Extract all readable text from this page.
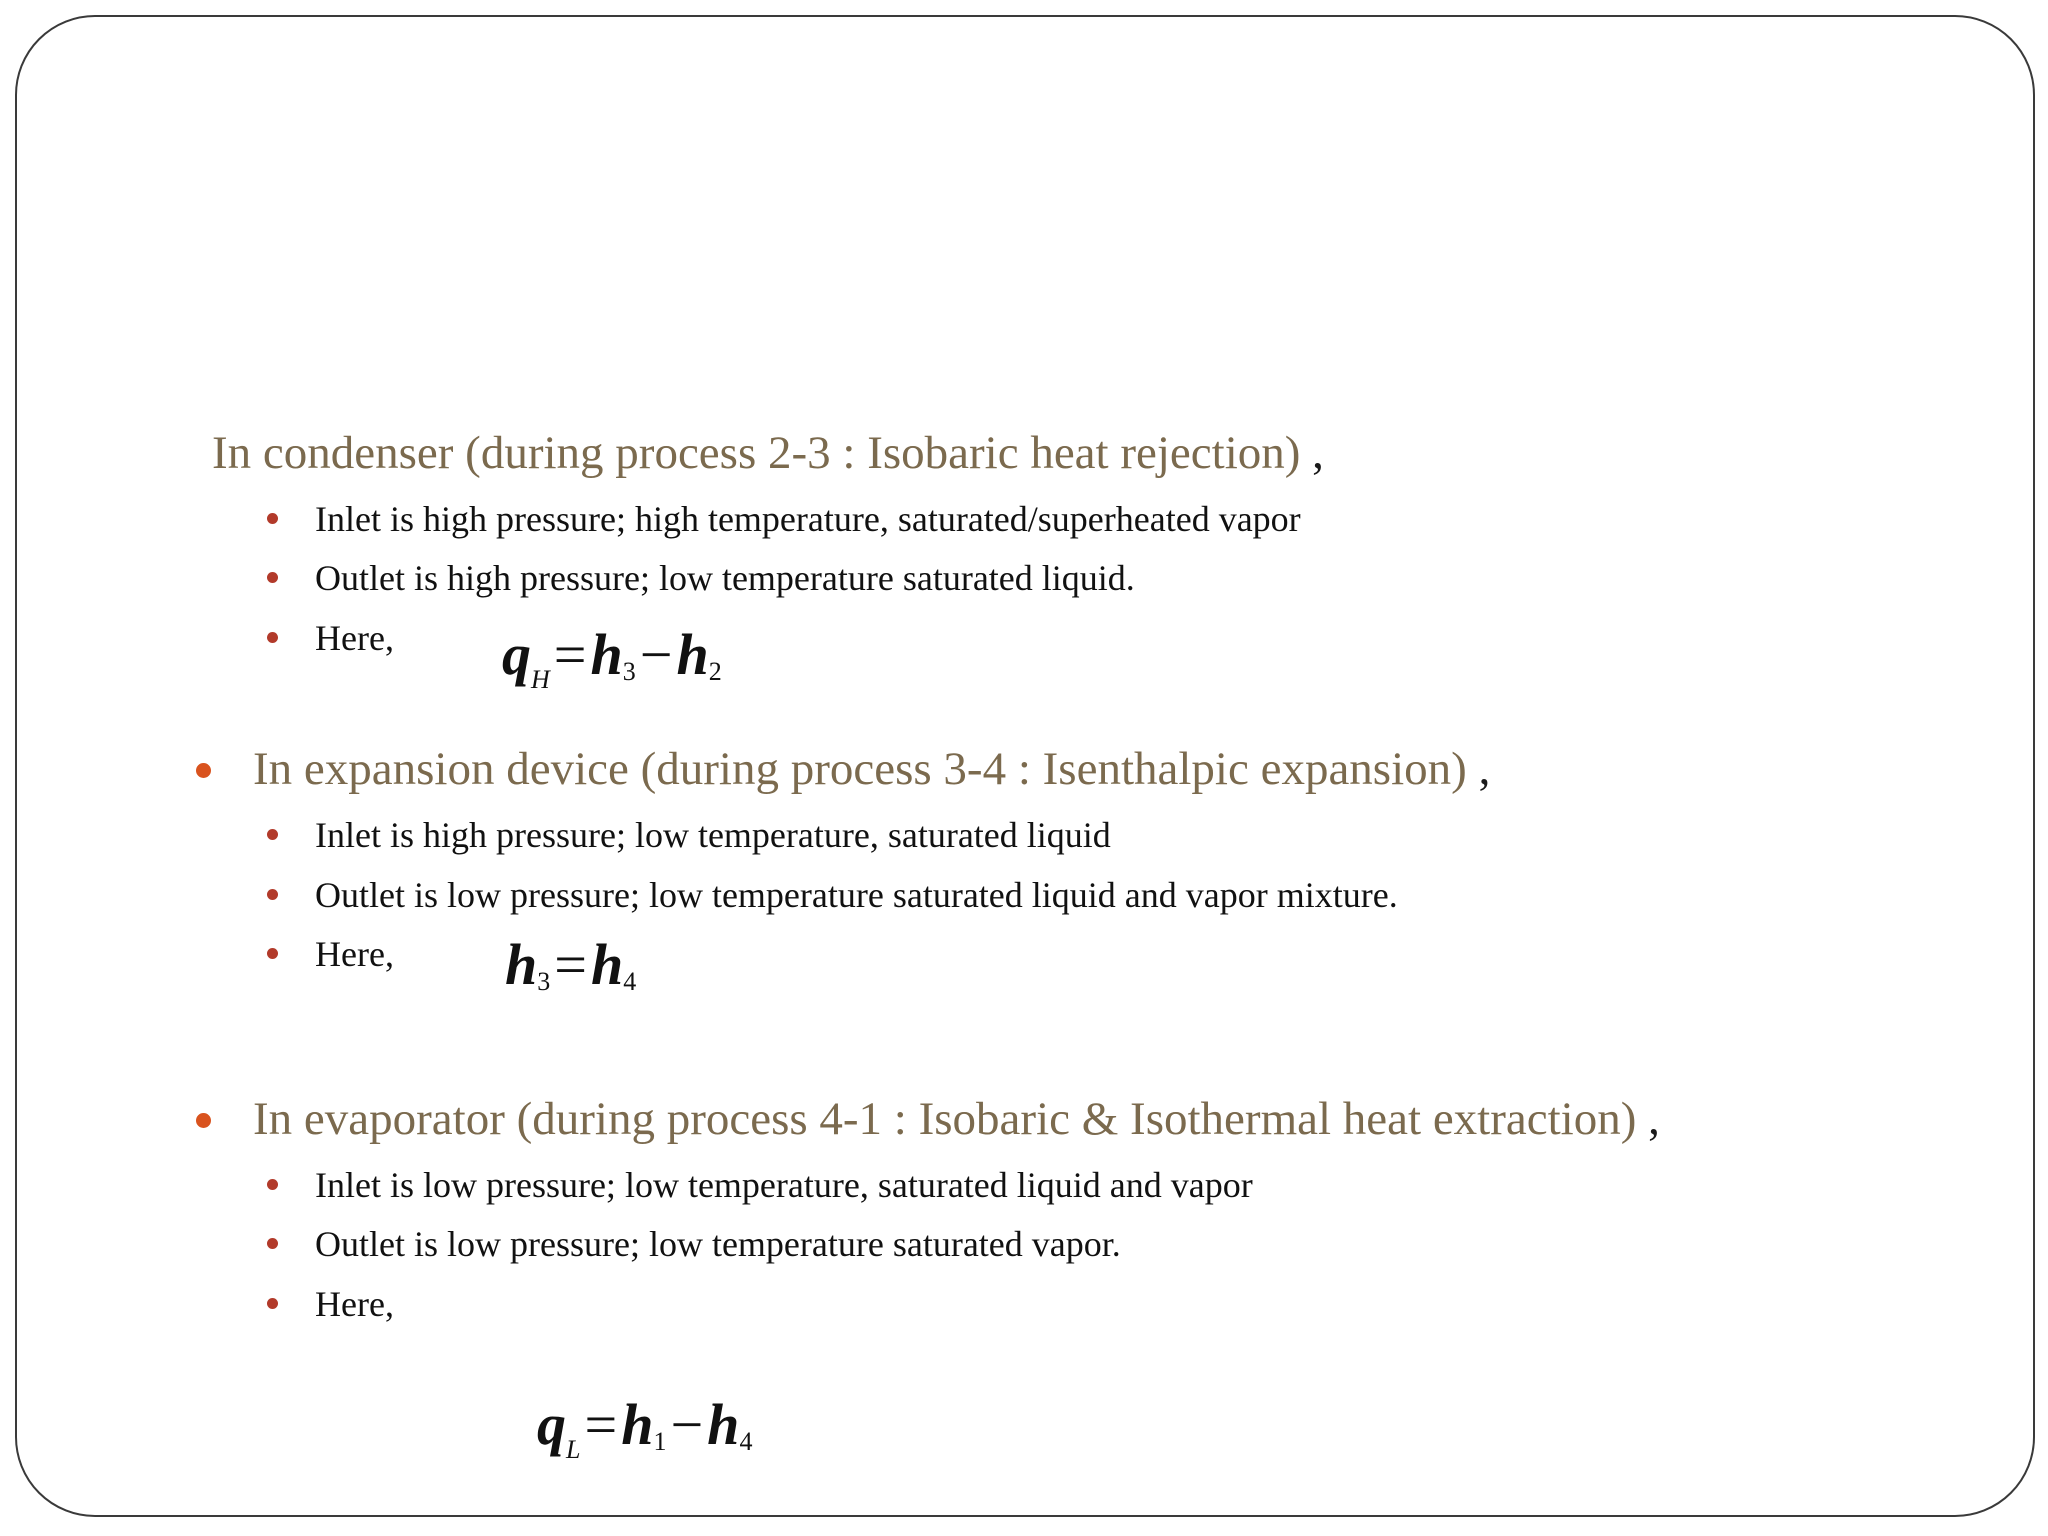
In condenser (during process 2-3 : Isobaric heat rejection) ,
Inlet is high pressure; high temperature, saturated/superheated vapor
Outlet is high pressure; low temperature saturated liquid.
Here, $q_H=h3-h2$
In expansion device (during process 3-4 : Isenthalpic expansion) ,
Inlet is high pressure; low temperature, saturated liquid
Outlet is low pressure; low temperature saturated liquid and vapor mixture.
Here, h3=h4
In evaporator (during process 4-1 : Isobaric & Isothermal heat extraction) ,
Inlet is low pressure; low temperature, saturated liquid and vapor
Outlet is low pressure; low temperature saturated vapor.
Here,
$q_L=h1-h4$
